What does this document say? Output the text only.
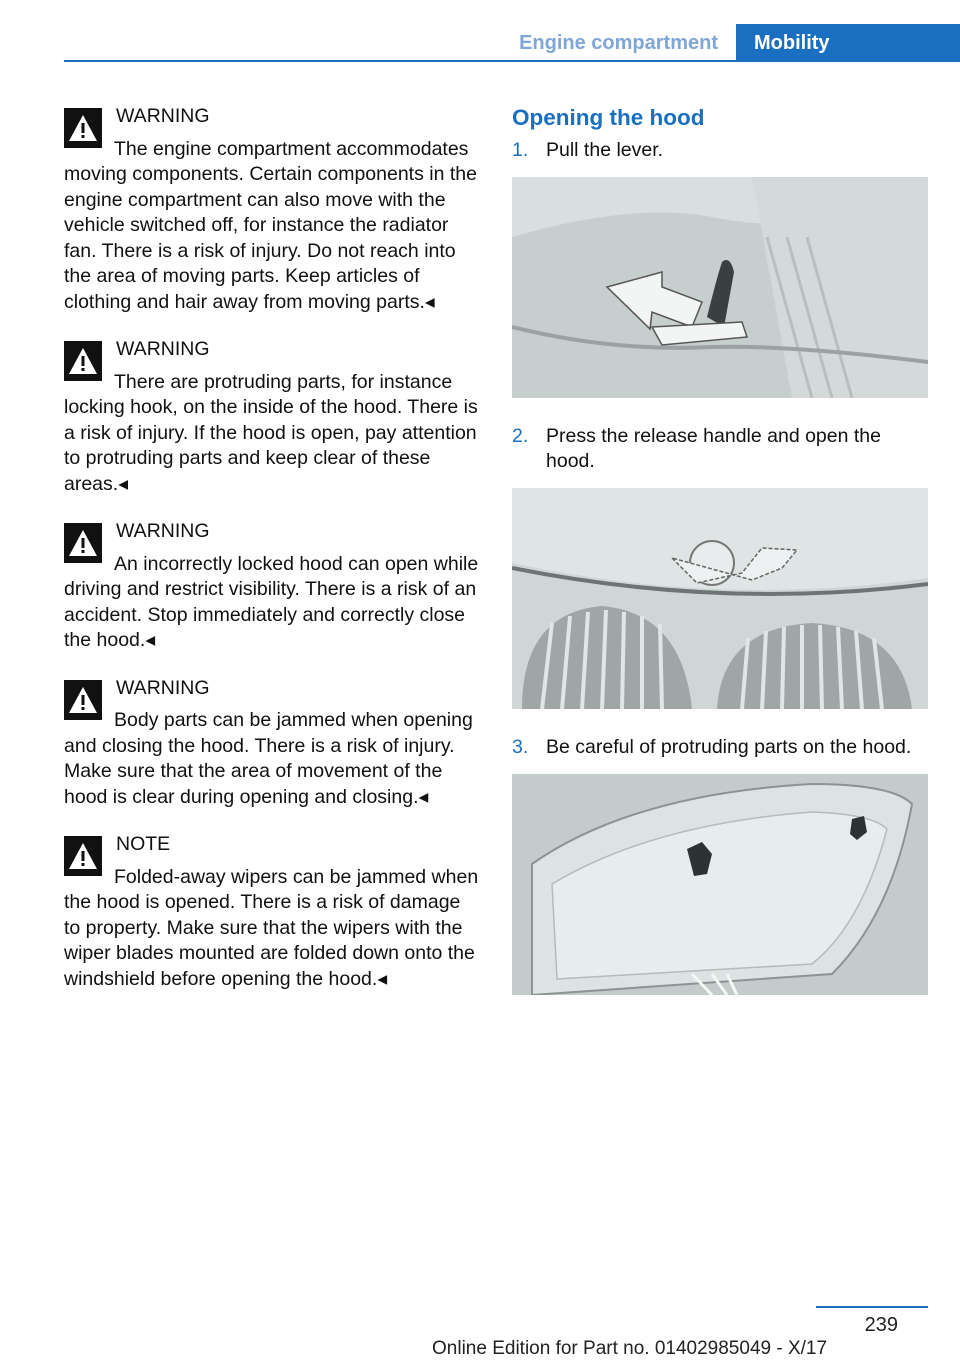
Engine compartment	Mobility
WARNING
The engine compartment accommodates moving components. Certain components in the engine compartment can also move with the vehicle switched off, for instance the radiator fan. There is a risk of injury. Do not reach into the area of moving parts. Keep articles of clothing and hair away from moving parts.◂
WARNING
There are protruding parts, for instance locking hook, on the inside of the hood. There is a risk of injury. If the hood is open, pay attention to protruding parts and keep clear of these areas.◂
WARNING
An incorrectly locked hood can open while driving and restrict visibility. There is a risk of an accident. Stop immediately and correctly close the hood.◂
WARNING
Body parts can be jammed when opening and closing the hood. There is a risk of injury. Make sure that the area of movement of the hood is clear during opening and closing.◂
NOTE
Folded-away wipers can be jammed when the hood is opened. There is a risk of damage to property. Make sure that the wipers with the wiper blades mounted are folded down onto the windshield before opening the hood.◂
Opening the hood
1. Pull the lever.
2. Press the release handle and open the hood.
3. Be careful of protruding parts on the hood.
239
Online Edition for Part no. 01402985049 - X/17
